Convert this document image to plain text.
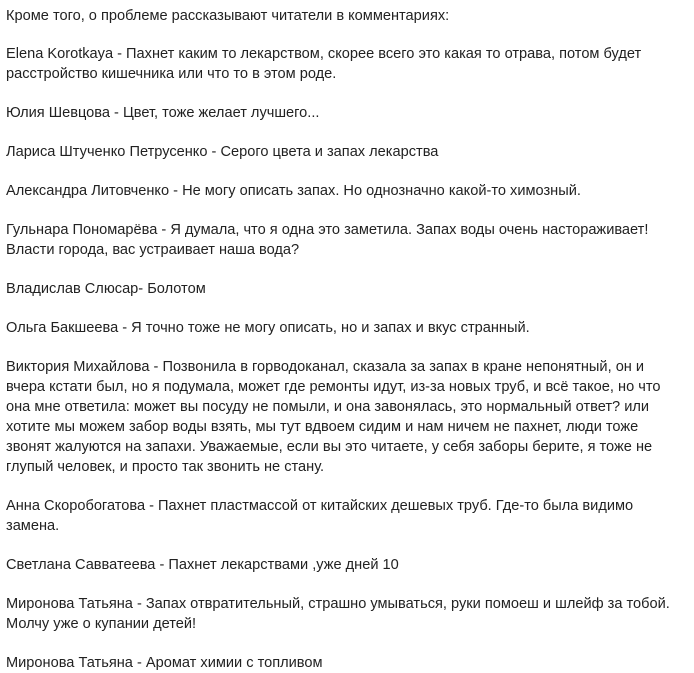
Кроме того, о проблеме рассказывают читатели в комментариях:

Elena Korotkaya - Пахнет каким то лекарством, скорее всего это какая то отрава, потом будет расстройство кишечника или что то в этом роде.

Юлия Шевцова - Цвет, тоже желает лучшего...

Лариса Штученко Петрусенко - Серого цвета и запах лекарства

Александра Литовченко - Не могу описать запах. Но однозначно какой-то химозный.

Гульнара Пономарёва - Я думала, что я одна это заметила. Запах воды очень настораживает! Власти города, вас устраивает наша вода?

Владислав Слюсар- Болотом

Ольга Бакшеева - Я точно тоже не могу описать, но и запах и вкус странный.

Виктория Михайлова - Позвонила в горводоканал, сказала за запах в кране непонятный, он и вчера кстати был, но я подумала, может где ремонты идут, из-за новых труб, и всё такое, но что она мне ответила: может вы посуду не помыли, и она завонялась, это нормальный ответ? или хотите мы можем забор воды взять, мы тут вдвоем сидим и нам ничем не пахнет, люди тоже звонят жалуются на запахи. Уважаемые, если вы это читаете, у себя заборы берите, я тоже не глупый человек, и просто так звонить не стану.

Анна Скоробогатова - Пахнет пластмассой от китайских дешевых труб. Где-то была видимо замена.

Светлана Савватеева - Пахнет лекарствами ,уже дней 10

Миронова Татьяна - Запах отвратительный, страшно умываться, руки помоеш и шлейф за тобой. Молчу уже о купании детей!

Миронова Татьяна - Аромат химии с топливом
